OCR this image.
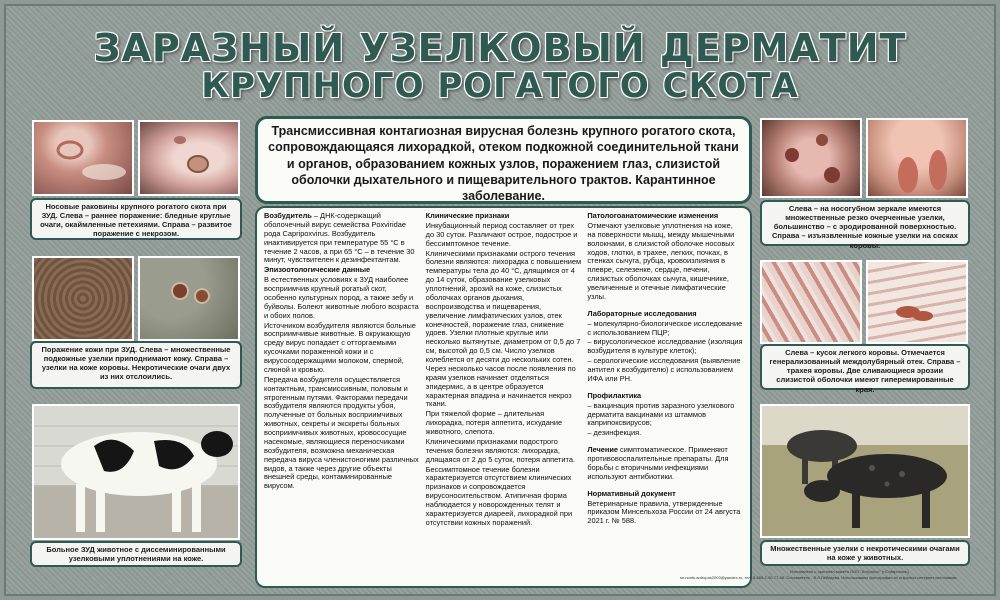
ЗАРАЗНЫЙ УЗЕЛКОВЫЙ ДЕРМАТИТ
КРУПНОГО РОГАТОГО СКОТА
Носовые раковины крупного рогатого скота при ЗУД. Слева – раннее поражение: бледные круглые очаги, окаймленные петехиями. Справа – развитое поражение с некрозом.
Поражение кожи при ЗУД. Слева – множественные подкожные узелки приподнимают кожу. Справа – узелки на коже коровы. Некротические очаги двух из них отслоились.
Больное ЗУД животное с диссеминированными узелковыми уплотнениями на коже.
Трансмиссивная контагиозная вирусная болезнь крупного рогатого скота, сопровождающаяся лихорадкой, отеком подкожной соединительной ткани и органов, образованием кожных узлов, поражением глаз, слизистой оболочки дыхательного и пищеварительного трактов. Карантинное заболевание.

Возбудитель – ДНК-содержащий оболочечный вирус семейства Poxviridae рода Capripoxvirus. Возбудитель инактивируется при температуре 55 °С в течение 2 часов, а при 65 °С – в течение 30 минут, чувствителен к дезинфектантам.

Эпизоотологические данные

В естественных условиях к ЗУД наиболее восприимчив крупный рогатый скот, особенно культурных пород, а также зебу и буйволы. Болеют животные любого возраста и обоих полов.

Источником возбудителя являются больные восприимчивые животные. В окружающую среду вирус попадает с отторгаемыми кусочками пораженной кожи и с вирусосодержащими молоком, спермой, слюной и кровью.

Передача возбудителя осуществляется контактным, трансмиссивным, половым и ятрогенным путями. Факторами передачи возбудителя являются продукты убоя, полученные от больных восприимчивых животных, секреты и экскреты больных восприимчивых животных, кровососущие насекомые, являющиеся переносчиками возбудителя, возможна механическая передача вируса членистоногими различных видов, а также через другие объекты внешней среды, контаминированные вирусом.

Клинические признаки

Инкубационный период составляет от трех до 30 суток. Различают острое, подострое и бессимптомное течение.

Клиническими признаками острого течения болезни являются: лихорадка с повышением температуры тела до 40 °С, длящимся от 4 до 14 суток, образование узелковых уплотнений, эрозий на коже, слизистых оболочках органов дыхания, воспроизводства и пищеварения, увеличение лимфатических узлов, отек конечностей, поражение глаз, снижение удоев. Узелки плотные круглые или несколько вытянутые, диаметром от 0,5 до 7 см, высотой до 0,5 см. Число узелков колеблется от десяти до нескольких сотен. Через несколько часов после появления по краям узелков начинает отделяться эпидермис, а в центре образуется характерная впадина и начинается некроз ткани.

При тяжелой форме – длительная лихорадка, потеря аппетита, исхудание животного, слепота.

Клиническими признаками подострого течения болезни являются: лихорадка, длящаяся от 2 до 5 суток, потеря аппетита.

Бессимптомное течение болезни характеризуется отсутствием клинических признаков и сопровождается вирусоносительством. Атипичная форма наблюдается у новорожденных телят и характеризуется диареей, лихорадкой при отсутствии кожных поражений.

Патологоанатомические изменения

Отмечают узелковые уплотнения на коже, на поверхности мышц, между мышечными волокнами, в слизистой оболочке носовых ходов, глотки, в трахее, легких, почках, в стенках сычуга, рубца, кровоизлияния в плевре, селезенке, сердце, печени, слизистых оболочках сычуга, кишечнике, увеличенные и отечные лимфатические узлы.

Лабораторные исследования

– молекулярно-биологическое исследование с использованием ПЦР;

– вирусологическое исследование (изоляция возбудителя в культуре клеток);

– серологические исследования (выявление антител к возбудителю) с использованием ИФА или РН.

Профилактика

– вакцинация против заразного узелкового дерматита вакцинами из штаммов каприпоксвирусов;

– дезинфекция.

Лечение симптоматическое. Применяют противовоспалительные препараты. Для борьбы с вторичными инфекциями используют антибиотики.

Нормативный документ

Ветеринарные правила, утвержденные приказом Минсельхоза России от 24 августа 2021 г. № 588.

Слева – на носогубном зеркале имеются множественные резко очерченные узелки, большинство – с эродированной поверхностью. Справа – изъязвленные кожные узелки на сосках коровы.
Слева – кусок легкого коровы. Отмечается генерализованный междолубярный отек. Справа – трахея коровы. Две сливающиеся эрозии слизистой оболочки имеют гиперемированные края.
Множественные узелки с некротическими очагами на коже у животных.
sn.nonts.antropos2003@yandex.ru, тел. 8-865-2-90-77-08. Составитель : В.Л.Лебедева. Использованы фотографии из открытых интернет-источников.
Изготовлено с оригинал-макета ООО "Антропос" (г.Ставрополь)
